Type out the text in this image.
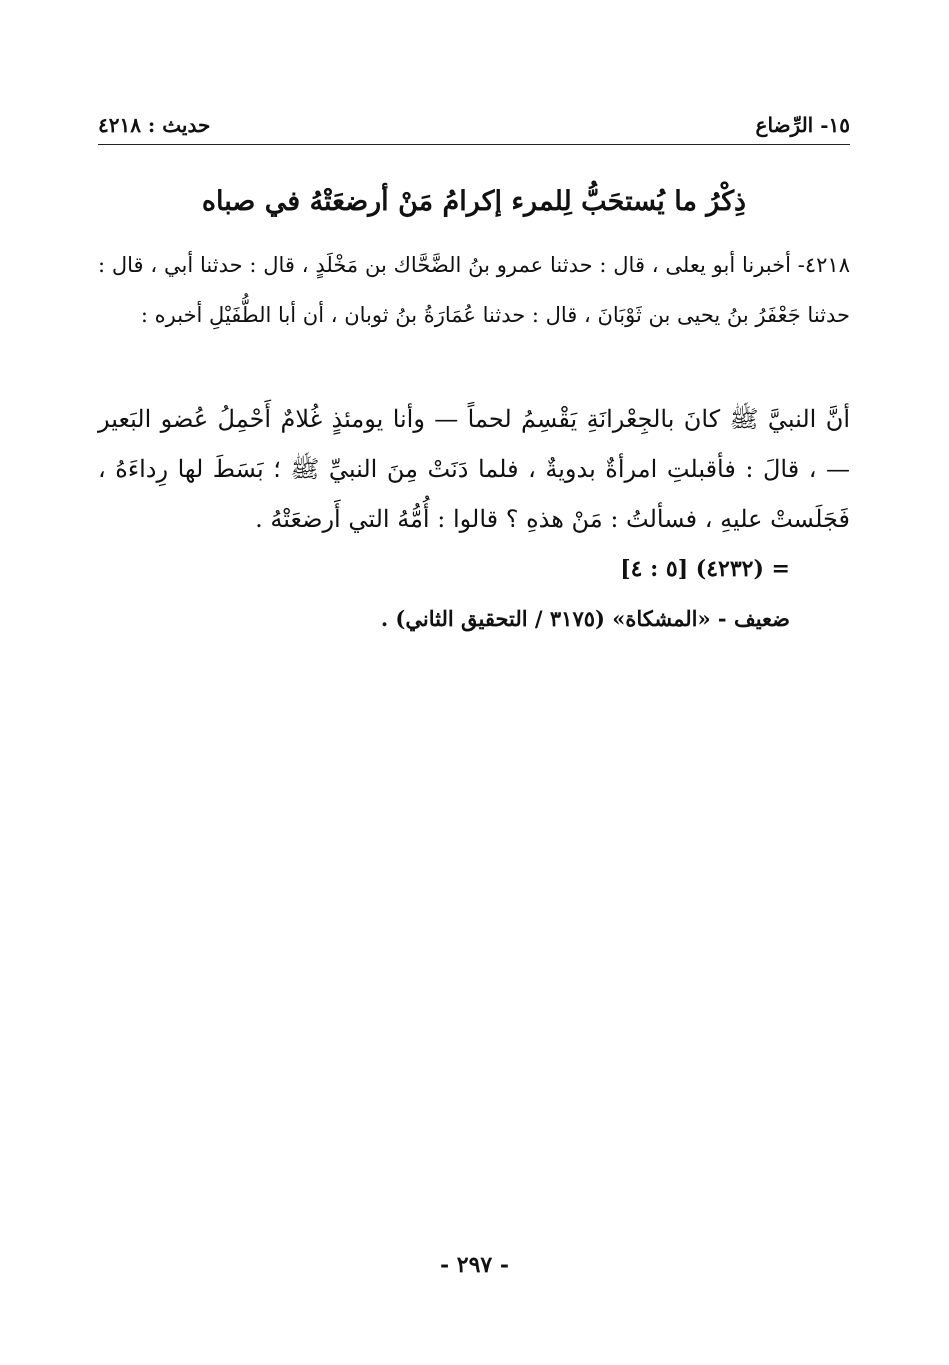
١٥- الرِّضاع
حديث : ٤٢١٨
ذِكْرُ ما يُستحَبُّ لِلمرء إكرامُ مَنْ أرضعَتْهُ في صباه

٤٢١٨- أخبرنا أبو يعلى ، قال : حدثنا عمرو بنُ الضَّحَّاك بن مَخْلَدٍ ، قال : حدثنا أبي ، قال : حدثنا جَعْفَرُ بنُ يحيى بن ثَوْبَانَ ، قال : حدثنا عُمَارَةُ بنُ ثوبان ، أن أبا الطُّفَيْلِ أخبره :

أنَّ النبيَّ ﷺ كانَ بالجِعْرانَةِ يَقْسِمُ لحماً — وأنا يومئذٍ غُلامٌ أَحْمِلُ عُضو البَعير — ، قالَ : فأقبلتِ امرأةٌ بدويةٌ ، فلما دَنَتْ مِنَ النبيِّ ﷺ ؛ بَسَطَ لها رِداءَهُ ، فَجَلَستْ عليهِ ، فسألتُ : مَنْ هذهِ ؟ قالوا : أُمُّهُ التي أَرضعَتْهُ .

= (٤٢٣٢) [٥ : ٤]
ضعيف - «المشكاة» (٣١٧٥ / التحقيق الثاني) .
- ٢٩٧ -
